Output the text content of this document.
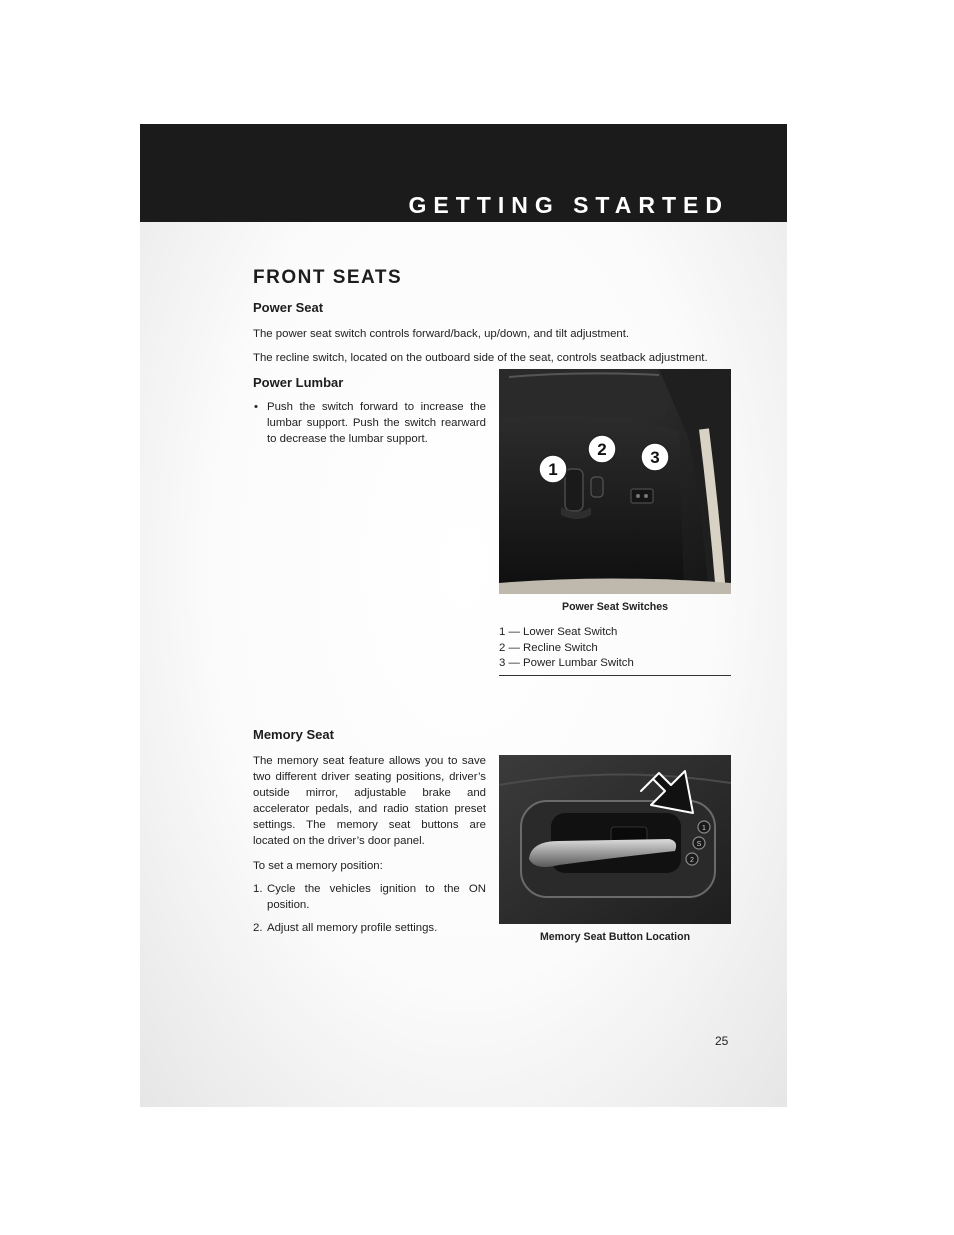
GETTING STARTED
FRONT SEATS
Power Seat
The power seat switch controls forward/back, up/down, and tilt adjustment.
The recline switch, located on the outboard side of the seat, controls seatback adjustment.
Power Lumbar
• Push the switch forward to increase the lumbar support. Push the switch rearward to decrease the lumbar support.
1
2	3
Power Seat Switches
1 — Lower Seat Switch
2 — Recline Switch
3 — Power Lumbar Switch
Memory Seat
The memory seat feature allows you to save two different driver seating positions, driver’s outside mirror, adjustable brake and accelerator pedals, and radio station preset settings. The memory seat buttons are located on the driver’s door panel.
To set a memory position:
1. Cycle the vehicles ignition to the ON position.
2. Adjust all memory profile settings.
1
S
2
Memory Seat Button Location
25
